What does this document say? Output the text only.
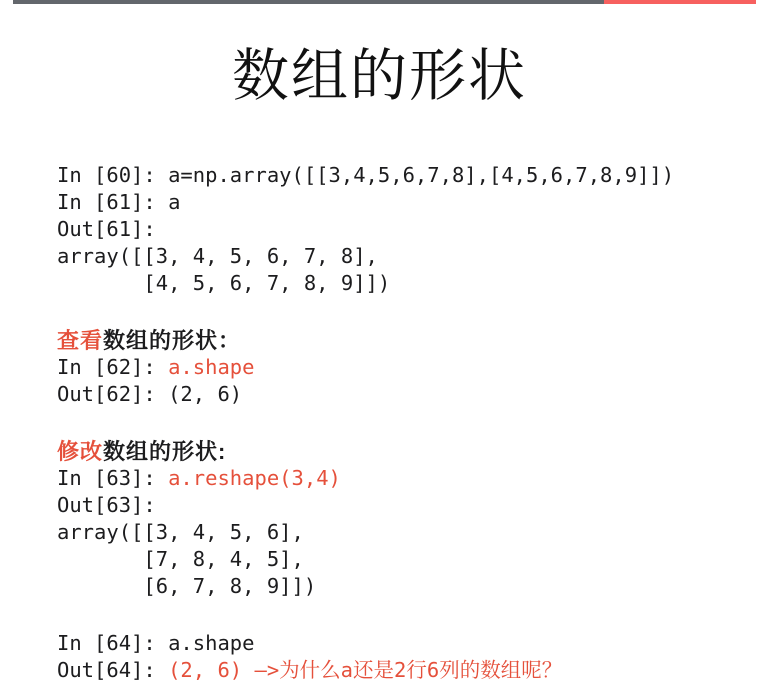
数组的形状
In [60]: a=np.array([[3,4,5,6,7,8],[4,5,6,7,8,9]])
In [61]: a
Out[61]:
array([[3, 4, 5, 6, 7, 8],
[4, 5, 6, 7, 8, 9]])
查看数组的形状：
In [62]: a.shape
Out[62]: (2, 6)
修改数组的形状:
In [63]: a.reshape(3,4)
Out[63]:
array([[3, 4, 5, 6],
[7, 8, 4, 5],
[6, 7, 8, 9]])
In [64]: a.shape
Out[64]: (2, 6) —>为什么a还是2行6列的数组呢？
